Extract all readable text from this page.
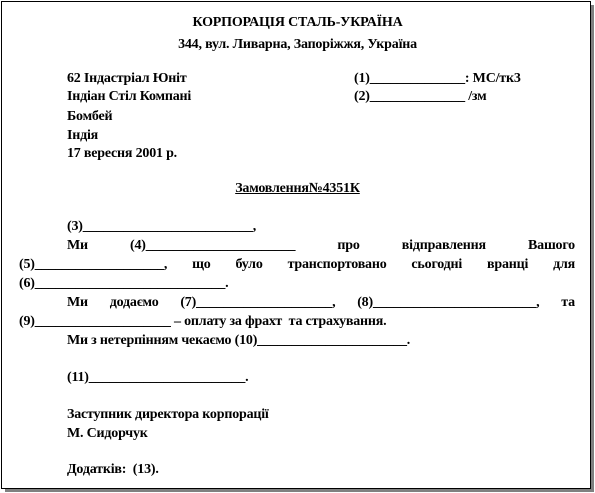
КОРПОРАЦІЯ СТАЛЬ-УКРАЇНА
344, вул. Ливарна, Запоріжжя, Україна
62 Індастріал Юніт
Індіан Стіл Компані
Бомбей
Індія
17 вересня 2001 р.
(1)______________: МС/тк3
(2)______________ /зм
Замовлення№4351К
(3)_________________________,
Ми	(4)______________________	про	відправлення	Вашого
(5)___________________, що було транспортовано сьогодні вранці для
(6)____________________________.
Ми додаємо (7)____________________, (8)________________________, та
(9)____________________ – оплату за фрахт  та страхування.
Ми з нетерпінням чекаємо (10)______________________.
(11)_______________________.
Заступник директора корпорації
М. Сидорчук
Додатків:  (13).
